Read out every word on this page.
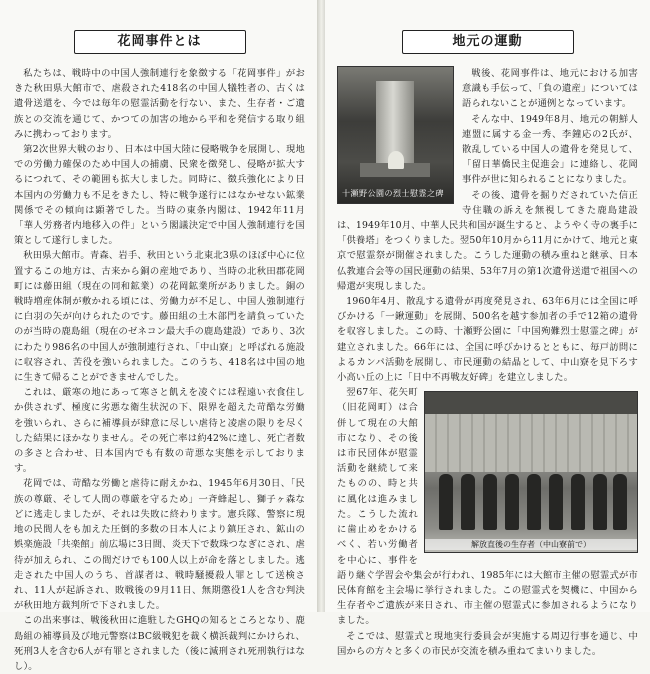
花岡事件とは

私たちは、戦時中の中国人強制連行を象徴する「花岡事件」がおきた秋田県大館市で、虐殺された418名の中国人犠牲者の、古くは遺骨送還を、今では毎年の慰霊活動を行ない、また、生存者・ご遺族との交流を通じて、かつての加害の地から平和を発信する取り組みに携わっております。

第2次世界大戦のおり、日本は中国大陸に侵略戦争を展開し、現地での労働力確保のため中国人の捕虜、民衆を徴発し、侵略が拡大するにつれて、その範囲も拡大しました。同時に、徴兵強化により日本国内の労働力も不足をきたし、特に戦争遂行にはなかせない鉱業関係でその傾向は顕著でした。当時の東条内閣は、1942年11月「華人労務者内地移入の件」という閣議決定で中国人強制連行を国策として遂行しました。

秋田県大館市。青森、岩手、秋田という北東北3県のほぼ中心に位置するこの地方は、古来から銅の産地であり、当時の北秋田郡花岡町には藤田組（現在の同和鉱業）の花岡鉱業所がありました。銅の戦時増産体制が敷かれる頃には、労働力が不足し、中国人強制連行に白羽の矢が向けられたのです。藤田組の土木部門を請負っていたのが当時の鹿島組（現在のゼネコン最大手の鹿島建設）であり、3次にわたり986名の中国人が強制連行され、「中山寮」と呼ばれる施設に収容され、苦役を強いられました。このうち、418名は中国の地に生きて帰ることができませんでした。

これは、厳寒の地にあって寒さと飢えを凌ぐには程遠い衣食住しか供されず、極度に劣悪な衛生状況の下、限界を超えた苛酷な労働を強いられ、さらに補導員が肆意に尽しい虐待と凌虐の限りを尽くした結果にほかなりません。その死亡率は約42%に達し、死亡者数の多さと合わせ、日本国内でも有数の苛悪な実態を示しております。

花岡では、苛酷な労働と虐待に耐えかね、1945年6月30日、「民族の尊厳、そして人間の尊厳を守るため」一斉蜂起し、獅子ヶ森などに逃走しましたが、それは失敗に終わります。憲兵隊、警察に現地の民間人をも加えた圧倒的多数の日本人により鎮圧され、鉱山の娯楽施設「共楽館」前広場に3日間、炎天下で数珠つなぎにされ、虐待が加えられ、この間だけでも100人以上が命を落としました。逃走された中国人のうち、首謀者は、戦時騒擾殺人罪として送検され、11人が起訴され、敗戦後の9月11日、無期懲役1人を含む判決が秋田地方裁判所で下されました。

この出来事は、戦後秋田に進駐したGHQの知るところとなり、鹿島組の補導員及び地元警察はBC級戦犯を裁く横浜裁判にかけられ、死刑3人を含む6人が有罪とされました（後に減刑され死刑執行はなし）。

地元の運動
十瀬野公園の烈士慰霊之碑

戦後、花岡事件は、地元における加害意識も手伝って、「負の遺産」については語られないことが通例となっています。

そんな中、1949年8月、地元の朝鮮人連盟に属する金一秀、李鐘応の2氏が、散乱している中国人の遺骨を発見して、「留日華僑民主促進会」に連絡し、花岡事件が世に知られることになりました。

その後、遺骨を掘りだされていた信正寺住職の訴えを無視してきた鹿島建設は、1949年10月、中華人民共和国が誕生すると、ようやく寺の裏手に「供養塔」をつくりました。翌50年10月から11月にかけて、地元と東京で慰霊祭が開催されました。こうした運動の積み重ねと継承、日本仏教連合会等の国民運動の結果、53年7月の第1次遺骨送還で祖国への帰還が実現しました。

1960年4月、散乱する遺骨が再度発見され、63年6月には全国に呼びかける「一鍬運動」を展開、500名を越す参加者の手で12箱の遺骨を収容しました。この時、十瀬野公園に「中国殉難烈士慰霊之碑」が建立されました。66年には、全国に呼びかけるとともに、毎戸訪問によるカンパ活動を展開し、市民運動の結晶として、中山寮を見下ろす小高い丘の上に「日中不再戦友好碑」を建立しました。

解放直後の生存者（中山寮前で）

翌67年、花矢町（旧花岡町）は合併して現在の大館市になり、その後は市民団体が慰霊活動を継続して来たものの、時と共に風化は進みました。こうした流れに歯止めをかけるべく、若い労働者を中心に、事件を語り継ぐ学習会や集会が行われ、1985年には大館市主催の慰霊式が市民体育館を主会場に挙行されました。この慰霊式を契機に、中国から生存者やご遺族が来日され、市主催の慰霊式に参加されるようになりました。

そこでは、慰霊式と現地実行委員会が実施する周辺行事を通じ、中国からの方々と多くの市民が交流を積み重ねてまいりました。
